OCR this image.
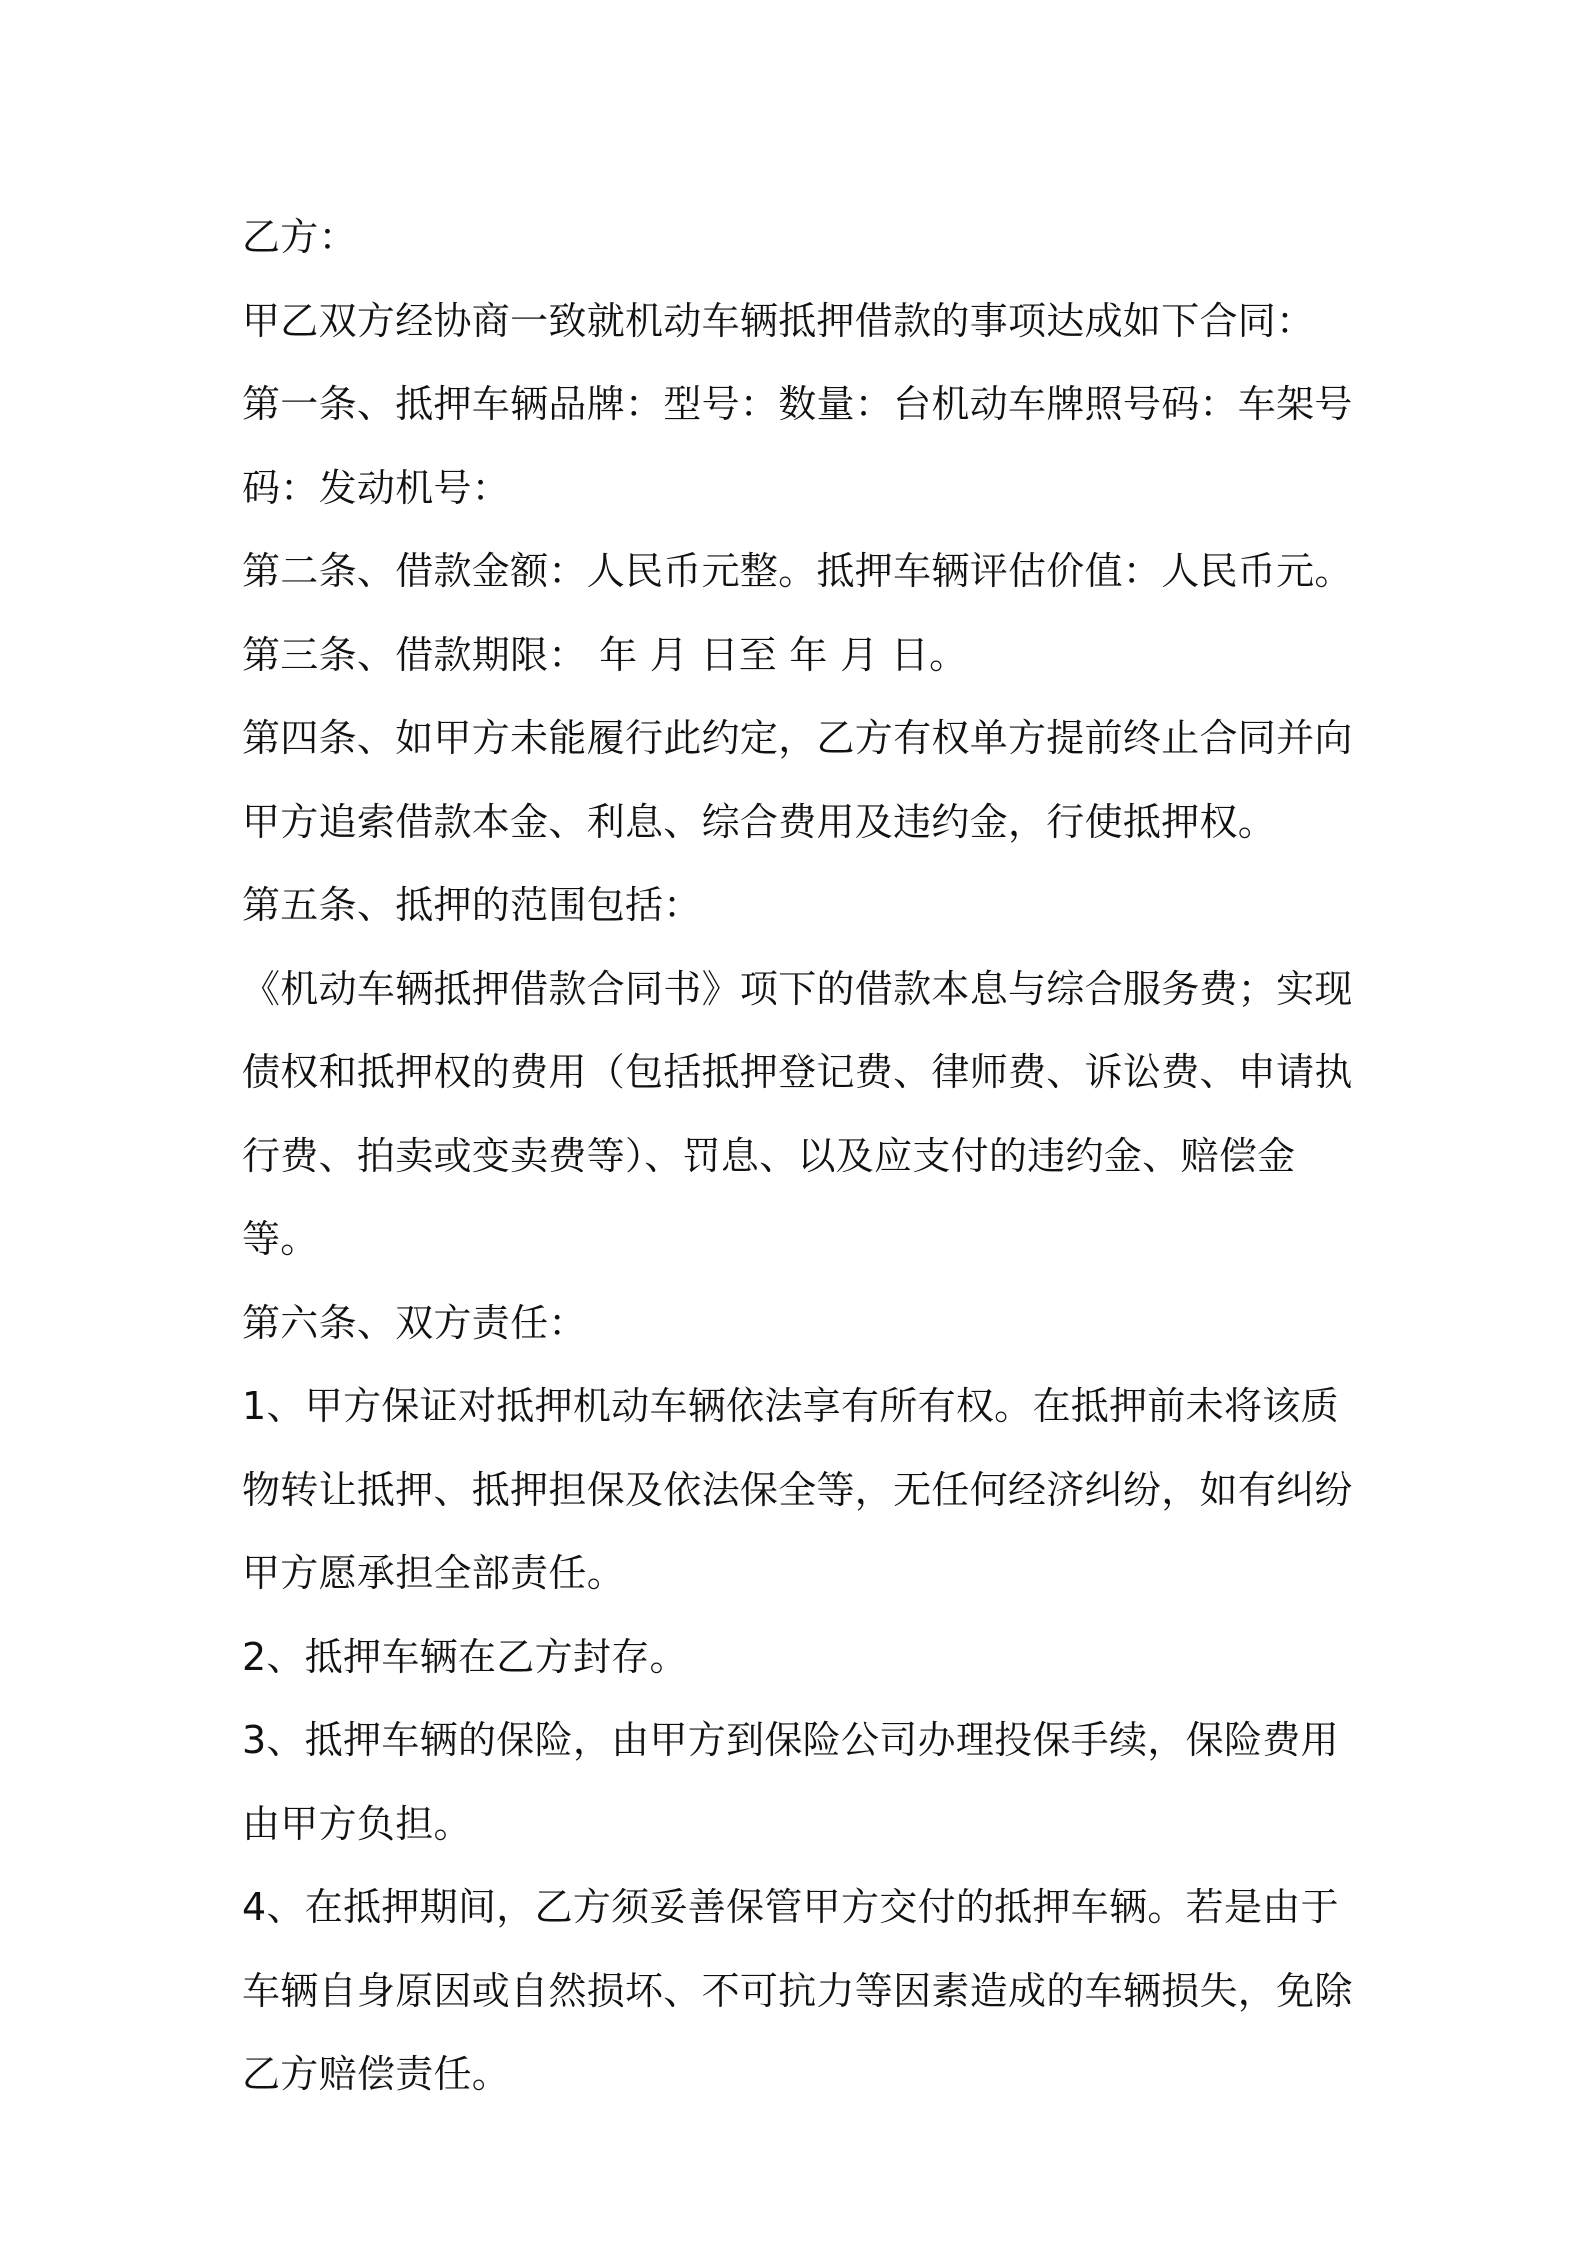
乙方：

甲乙双方经协商一致就机动车辆抵押借款的事项达成如下合同：

第一条、抵押车辆品牌：型号：数量：台机动车牌照号码：车架号码：发动机号：

第二条、借款金额：人民币元整。抵押车辆评估价值：人民币元。

第三条、借款期限： 年 月 日至 年 月 日。

第四条、如甲方未能履行此约定，乙方有权单方提前终止合同并向甲方追索借款本金、利息、综合费用及违约金，行使抵押权。

第五条、抵押的范围包括：

《机动车辆抵押借款合同书》项下的借款本息与综合服务费；实现债权和抵押权的费用（包括抵押登记费、律师费、诉讼费、申请执行费、拍卖或变卖费等）、罚息、以及应支付的违约金、赔偿金等。

第六条、双方责任：

1、甲方保证对抵押机动车辆依法享有所有权。在抵押前未将该质物转让抵押、抵押担保及依法保全等，无任何经济纠纷，如有纠纷甲方愿承担全部责任。

2、抵押车辆在乙方封存。

3、抵押车辆的保险，由甲方到保险公司办理投保手续，保险费用由甲方负担。

4、在抵押期间，乙方须妥善保管甲方交付的抵押车辆。若是由于车辆自身原因或自然损坏、不可抗力等因素造成的车辆损失，免除乙方赔偿责任。
